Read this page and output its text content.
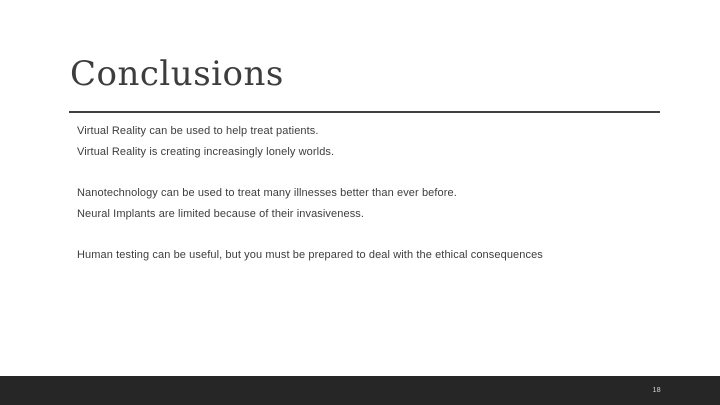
Conclusions

Virtual Reality can be used to help treat patients.

Virtual Reality is creating increasingly lonely worlds.

Nanotechnology can be used to treat many illnesses better than ever before.

Neural Implants are limited because of their invasiveness.

Human testing can be useful, but you must be prepared to deal with the ethical consequences

18
